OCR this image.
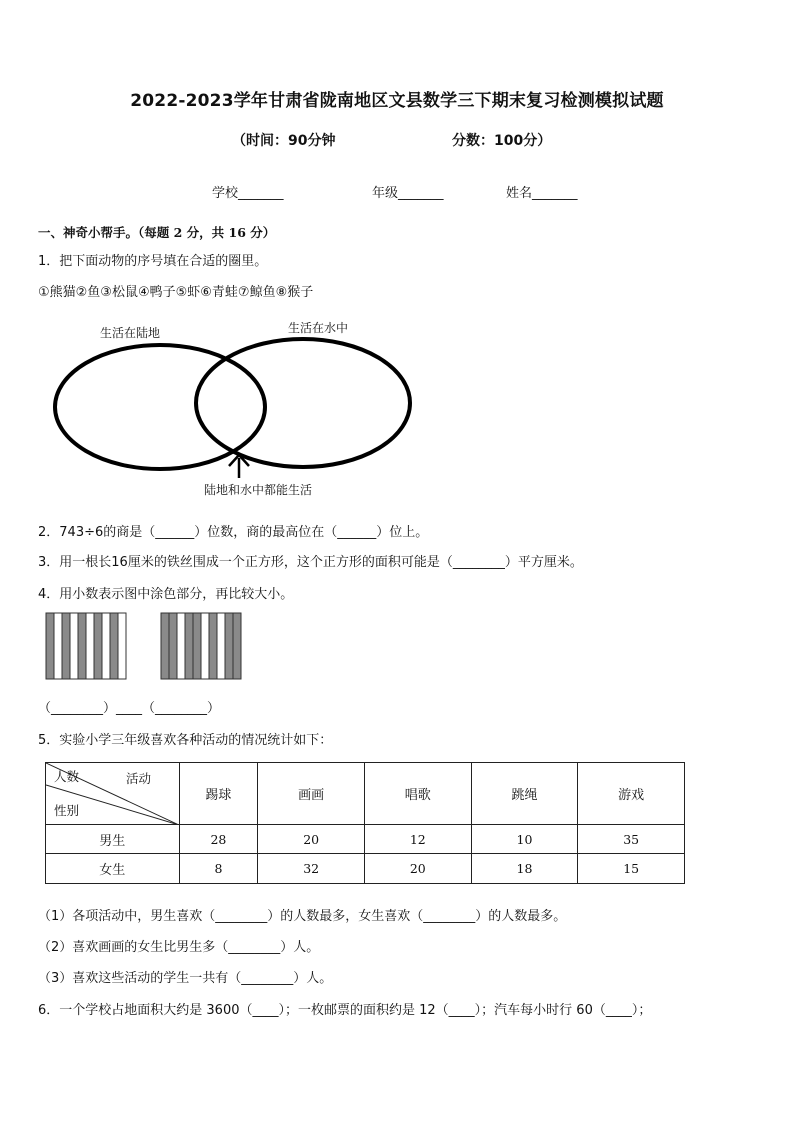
2022-2023学年甘肃省陇南地区文县数学三下期末复习检测模拟试题
（时间：90分钟	分数：100分）
学校_______	年级_______	姓名_______
一、神奇小帮手。（每题 2 分，共 16 分）
1．把下面动物的序号填在合适的圈里。
①熊猫②鱼③松鼠④鸭子⑤虾⑥青蛙⑦鲸鱼⑧猴子
生活在陆地	生活在水中
陆地和水中都能生活
2．743÷6的商是（______）位数，商的最高位在（______）位上。
3．用一根长16厘米的铁丝围成一个正方形，这个正方形的面积可能是（________）平方厘米。
4．用小数表示图中涂色部分，再比较大小。
（________）____（________）
5．实验小学三年级喜欢各种活动的情况统计如下：
人数 活动
性别	踢球	画画	唱歌	跳绳	游戏
男生	28	20	12	10	35
女生	8	32	20	18	15
（1）各项活动中，男生喜欢（________）的人数最多，女生喜欢（________）的人数最多。
（2）喜欢画画的女生比男生多（________）人。
（3）喜欢这些活动的学生一共有（________）人。
6．一个学校占地面积大约是 3600（____）；一枚邮票的面积约是 12（____）；汽车每小时行 60（____）；
